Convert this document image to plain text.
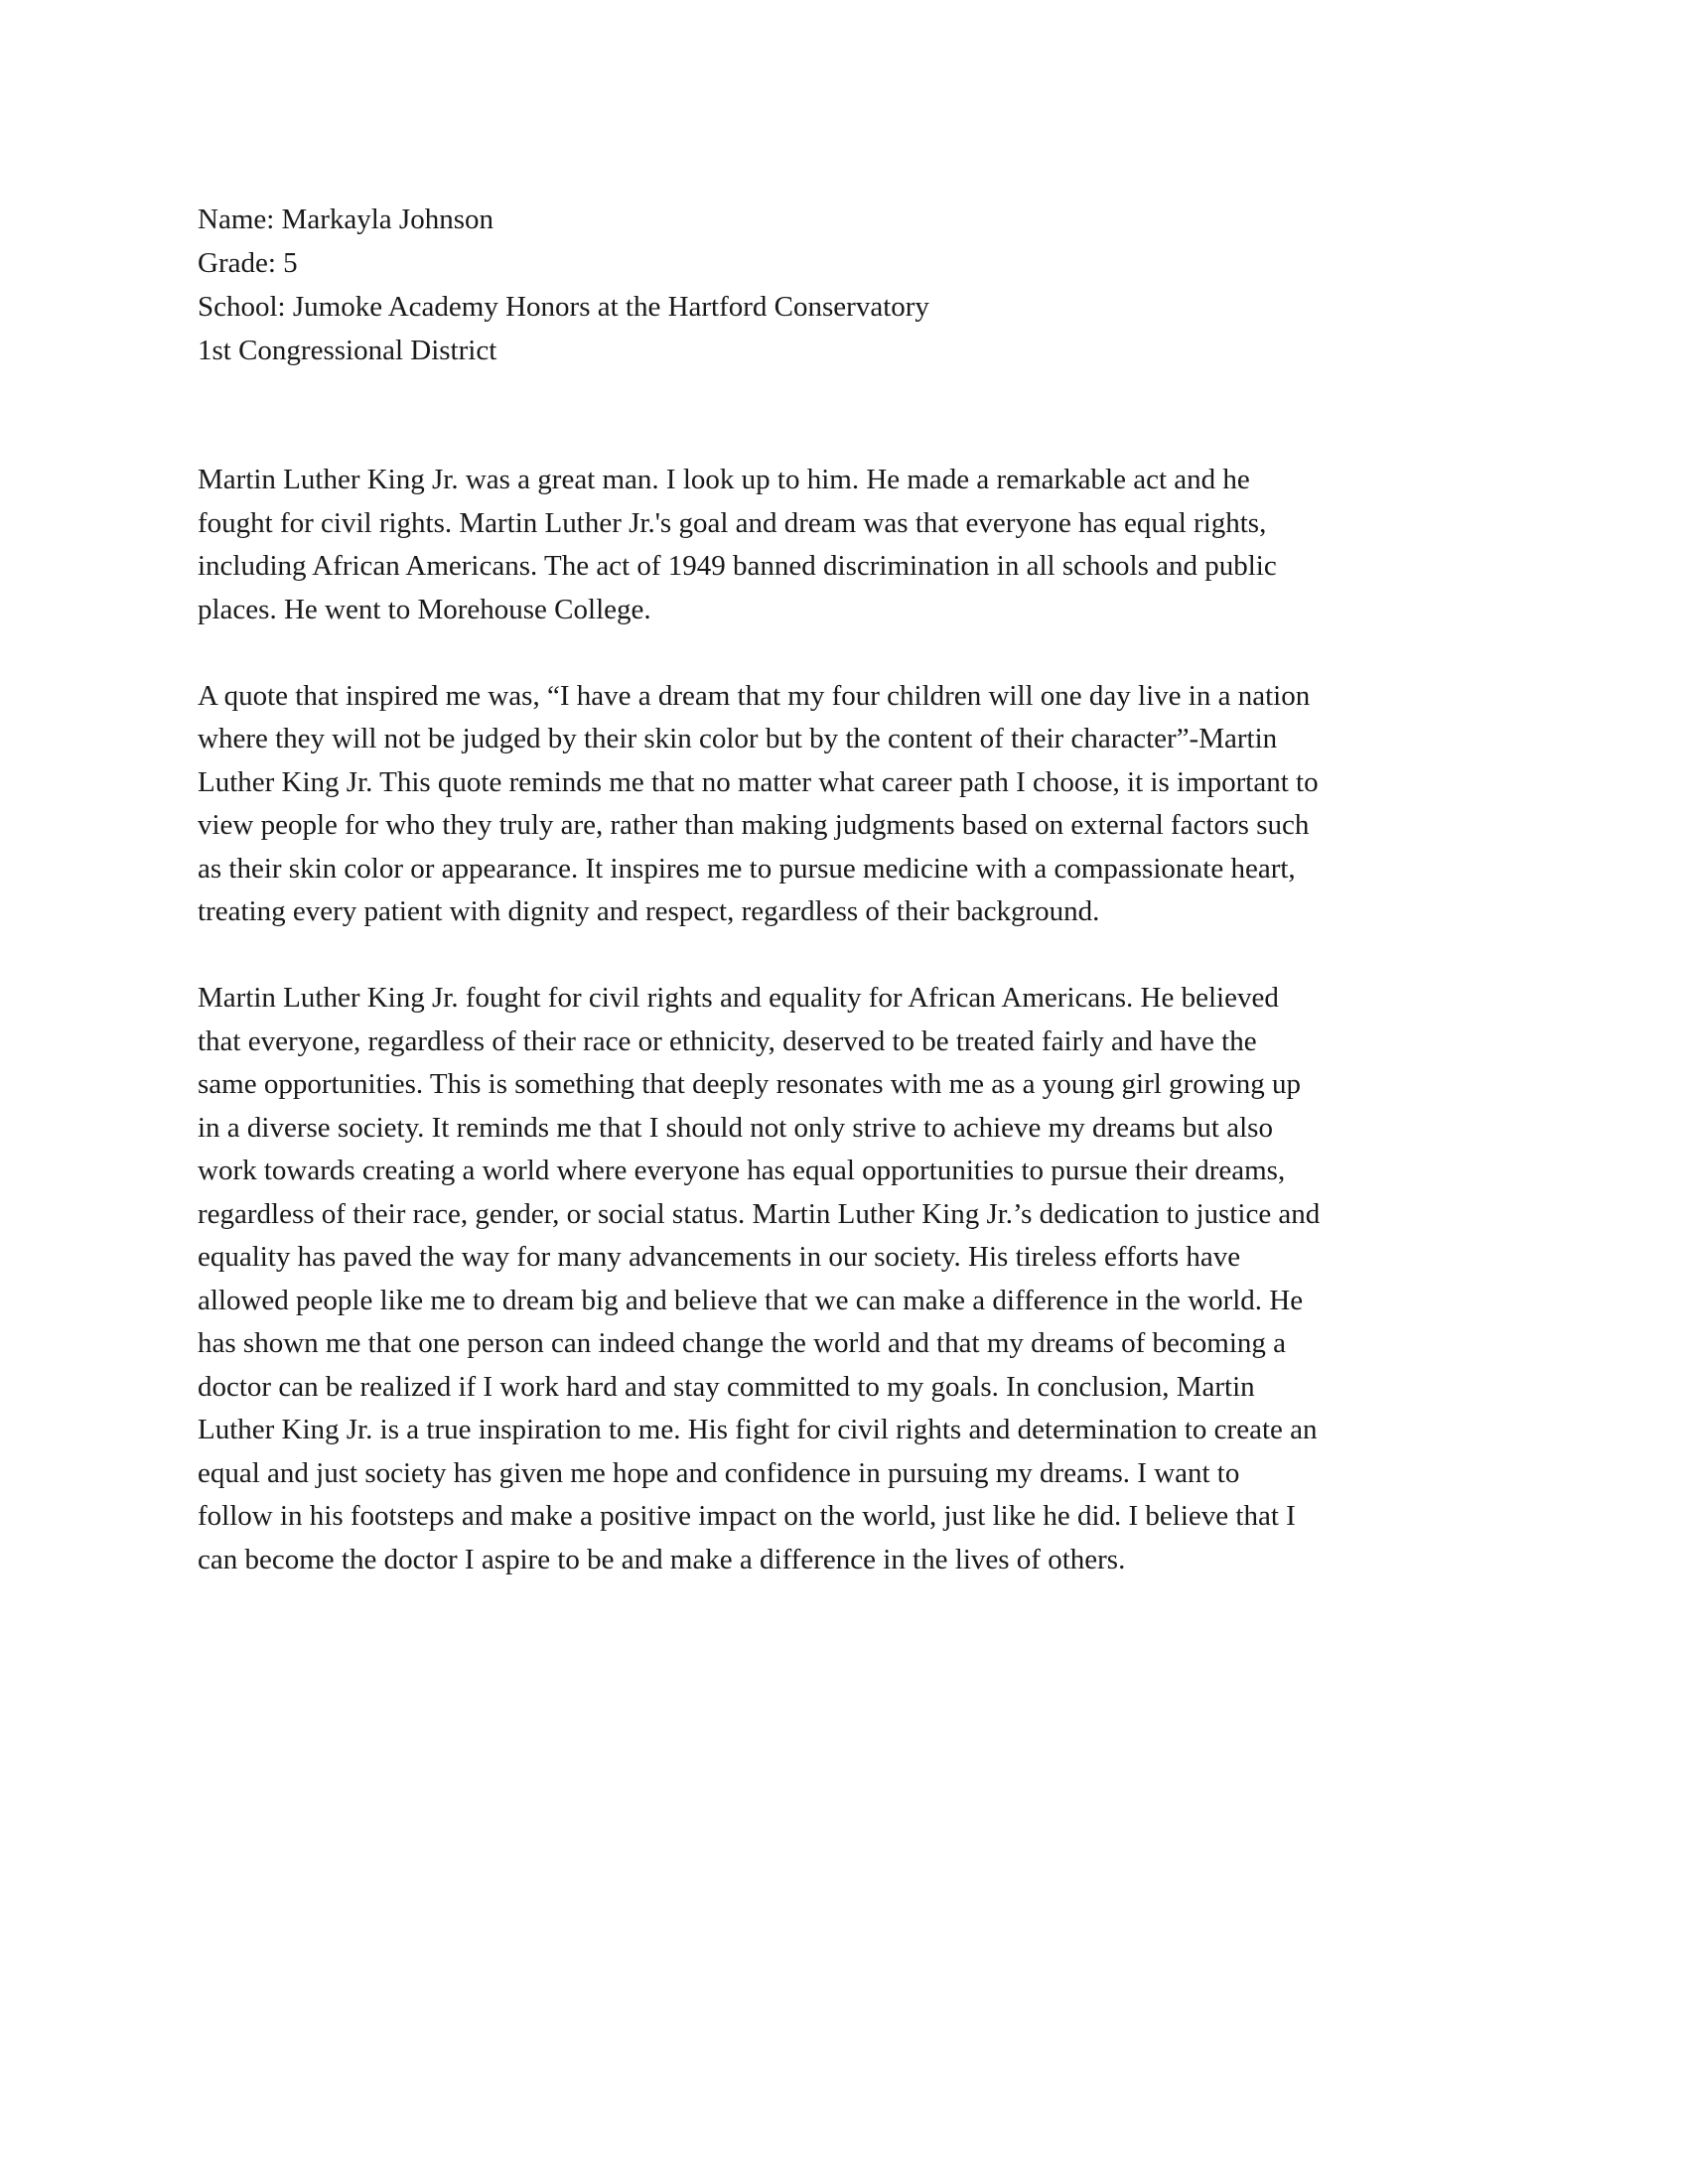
Name: Markayla Johnson
Grade: 5
School: Jumoke Academy Honors at the Hartford Conservatory
1st Congressional District
Martin Luther King Jr. was a great man. I look up to him. He made a remarkable act and he
fought for civil rights. Martin Luther Jr.'s goal and dream was that everyone has equal rights,
including African Americans. The act of 1949 banned discrimination in all schools and public
places. He went to Morehouse College.
A quote that inspired me was, “I have a dream that my four children will one day live in a nation
where they will not be judged by their skin color but by the content of their character”-Martin
Luther King Jr. This quote reminds me that no matter what career path I choose, it is important to
view people for who they truly are, rather than making judgments based on external factors such
as their skin color or appearance. It inspires me to pursue medicine with a compassionate heart,
treating every patient with dignity and respect, regardless of their background.
Martin Luther King Jr. fought for civil rights and equality for African Americans. He believed
that everyone, regardless of their race or ethnicity, deserved to be treated fairly and have the
same opportunities. This is something that deeply resonates with me as a young girl growing up
in a diverse society. It reminds me that I should not only strive to achieve my dreams but also
work towards creating a world where everyone has equal opportunities to pursue their dreams,
regardless of their race, gender, or social status. Martin Luther King Jr.’s dedication to justice and
equality has paved the way for many advancements in our society. His tireless efforts have
allowed people like me to dream big and believe that we can make a difference in the world. He
has shown me that one person can indeed change the world and that my dreams of becoming a
doctor can be realized if I work hard and stay committed to my goals. In conclusion, Martin
Luther King Jr. is a true inspiration to me. His fight for civil rights and determination to create an
equal and just society has given me hope and confidence in pursuing my dreams. I want to
follow in his footsteps and make a positive impact on the world, just like he did. I believe that I
can become the doctor I aspire to be and make a difference in the lives of others.
